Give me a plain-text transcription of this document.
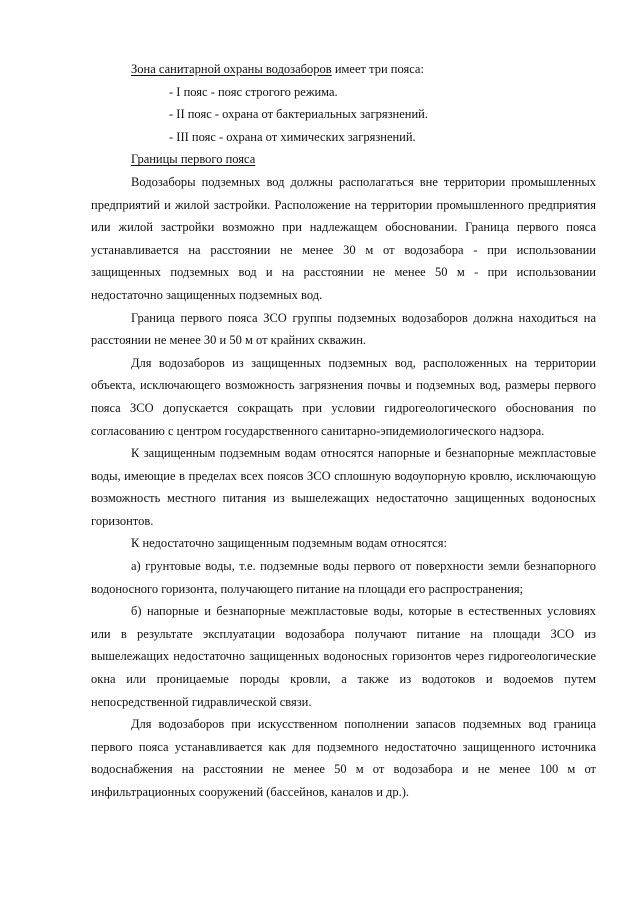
Зона санитарной охраны водозаборов имеет три пояса:

- I пояс - пояс строгого режима.

- II пояс - охрана от бактериальных загрязнений.

- III пояс - охрана от химических загрязнений.

Границы первого пояса

Водозаборы подземных вод должны располагаться вне территории промышленных предприятий и жилой застройки. Расположение на территории промышленного предприятия или жилой застройки возможно при надлежащем обосновании. Граница первого пояса устанавливается на расстоянии не менее 30 м от водозабора - при использовании защищенных подземных вод и на расстоянии не менее 50 м - при использовании недостаточно защищенных подземных вод.

Граница первого пояса ЗСО группы подземных водозаборов должна находиться на расстоянии не менее 30 и 50 м от крайних скважин.

Для водозаборов из защищенных подземных вод, расположенных на территории объекта, исключающего возможность загрязнения почвы и подземных вод, размеры первого пояса ЗСО допускается сокращать при условии гидрогеологического обоснования по согласованию с центром государственного санитарно-эпидемиологического надзора.

К защищенным подземным водам относятся напорные и безнапорные межпластовые воды, имеющие в пределах всех поясов ЗСО сплошную водоупорную кровлю, исключающую возможность местного питания из вышележащих недостаточно защищенных водоносных горизонтов.

К недостаточно защищенным подземным водам относятся:

а) грунтовые воды, т.е. подземные воды первого от поверхности земли безнапорного водоносного горизонта, получающего питание на площади его распространения;

б) напорные и безнапорные межпластовые воды, которые в естественных условиях или в результате эксплуатации водозабора получают питание на площади ЗСО из вышележащих недостаточно защищенных водоносных горизонтов через гидрогеологические окна или проницаемые породы кровли, а также из водотоков и водоемов путем непосредственной гидравлической связи.

Для водозаборов при искусственном пополнении запасов подземных вод граница первого пояса устанавливается как для подземного недостаточно защищенного источника водоснабжения на расстоянии не менее 50 м от водозабора и не менее 100 м от инфильтрационных сооружений (бассейнов, каналов и др.).
